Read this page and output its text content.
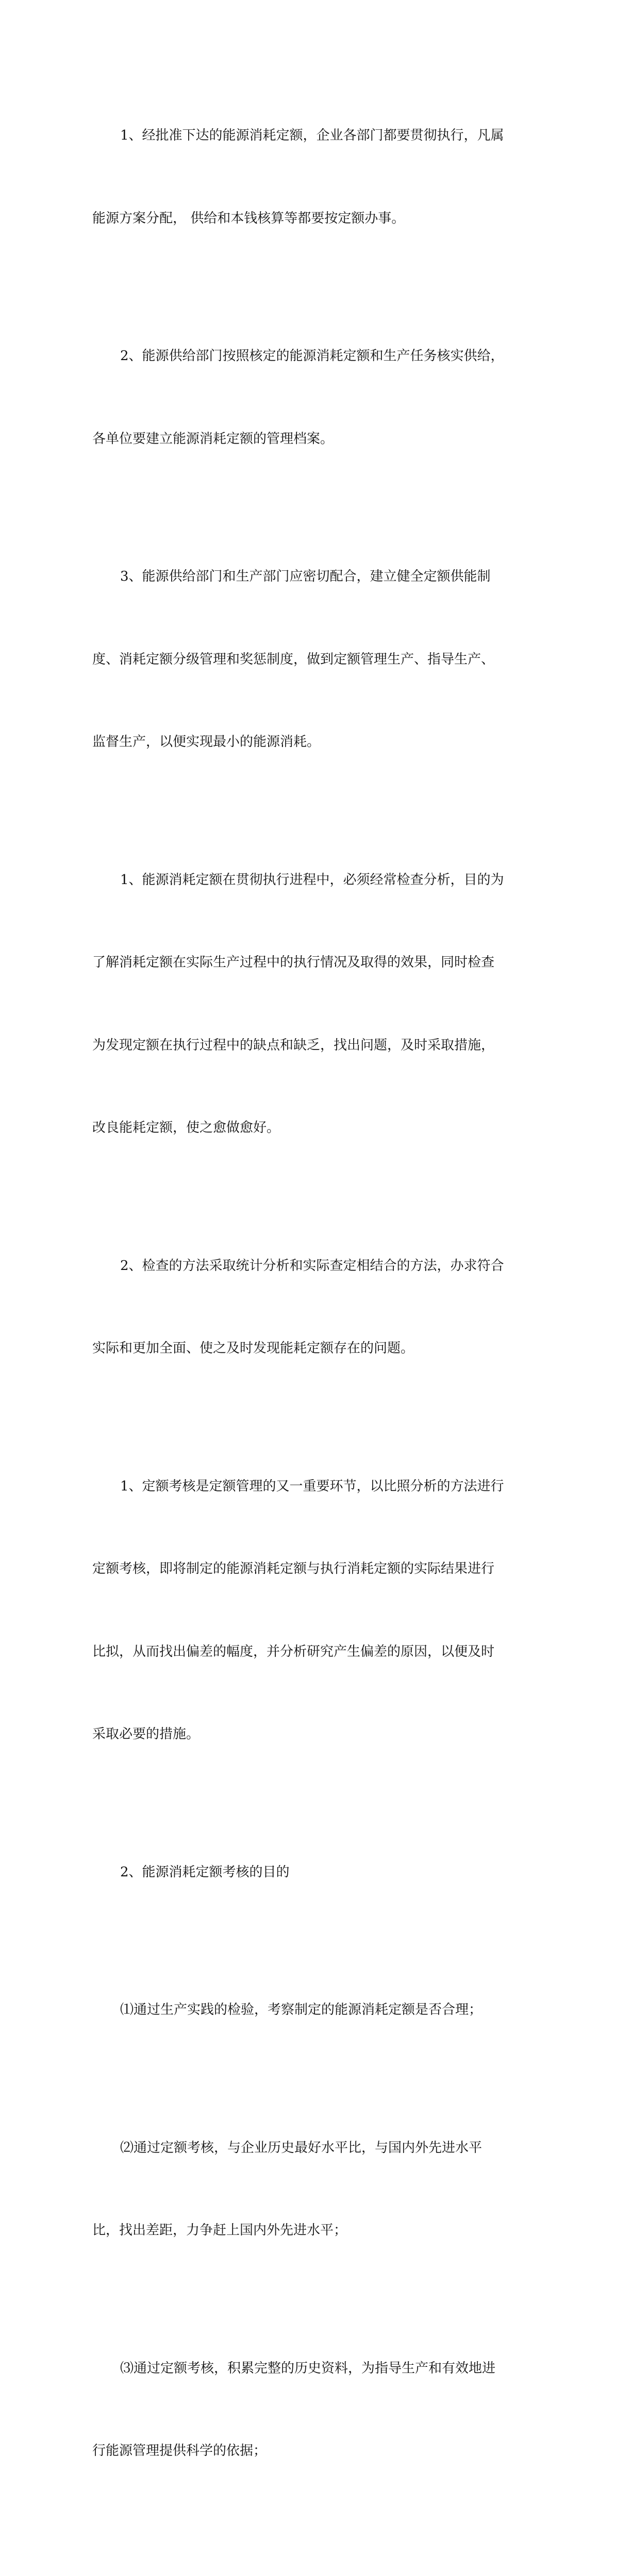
1、经批准下达的能源消耗定额，企业各部门都要贯彻执行，凡属

能源方案分配， 供给和本钱核算等都要按定额办事。

2、能源供给部门按照核定的能源消耗定额和生产任务核实供给，

各单位要建立能源消耗定额的管理档案。

3、能源供给部门和生产部门应密切配合，建立健全定额供能制

度、消耗定额分级管理和奖惩制度，做到定额管理生产、指导生产、

监督生产，以便实现最小的能源消耗。

1、能源消耗定额在贯彻执行进程中，必须经常检查分析，目的为

了解消耗定额在实际生产过程中的执行情况及取得的效果，同时检查

为发现定额在执行过程中的缺点和缺乏，找出问题，及时采取措施，

改良能耗定额，使之愈做愈好。

2、检查的方法采取统计分析和实际查定相结合的方法，办求符合

实际和更加全面、使之及时发现能耗定额存在的问题。

1、定额考核是定额管理的又一重要环节，以比照分析的方法进行

定额考核，即将制定的能源消耗定额与执行消耗定额的实际结果进行

比拟，从而找出偏差的幅度，并分析研究产生偏差的原因，以便及时

采取必要的措施。

2、能源消耗定额考核的目的

⑴通过生产实践的检验，考察制定的能源消耗定额是否合理；

⑵通过定额考核，与企业历史最好水平比，与国内外先进水平

比，找出差距，力争赶上国内外先进水平；

⑶通过定额考核，积累完整的历史资料，为指导生产和有效地进

行能源管理提供科学的依据；
